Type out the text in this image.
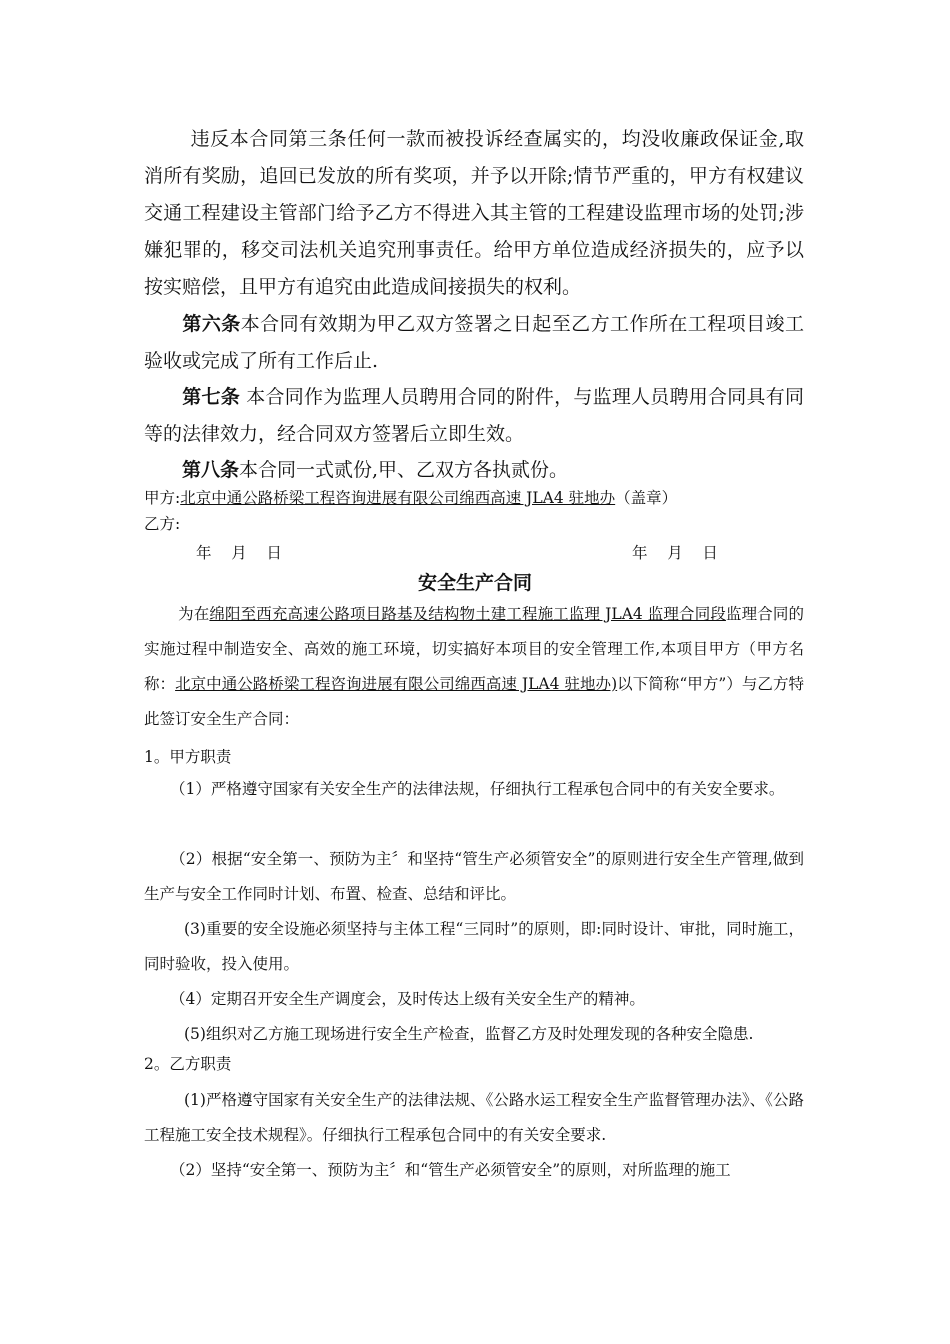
违反本合同第三条任何一款而被投诉经查属实的，均没收廉政保证金,取消所有奖励，追回已发放的所有奖项，并予以开除;情节严重的，甲方有权建议交通工程建设主管部门给予乙方不得进入其主管的工程建设监理市场的处罚;涉嫌犯罪的，移交司法机关追究刑事责任。给甲方单位造成经济损失的，应予以按实赔偿，且甲方有追究由此造成间接损失的权利。

第六条本合同有效期为甲乙双方签署之日起至乙方工作所在工程项目竣工验收或完成了所有工作后止.

第七条 本合同作为监理人员聘用合同的附件，与监理人员聘用合同具有同等的法律效力，经合同双方签署后立即生效。

第八条本合同一式贰份,甲、乙双方各执贰份。

甲方:北京中通公路桥梁工程咨询进展有限公司绵西高速 JLA4 驻地办（盖章）

乙方:

年    月    日	年    月    日

安全生产合同

为在绵阳至西充高速公路项目路基及结构物土建工程施工监理 JLA4 监理合同段监理合同的实施过程中制造安全、高效的施工环境，切实搞好本项目的安全管理工作,本项目甲方（甲方名称：北京中通公路桥梁工程咨询进展有限公司绵西高速 JLA4 驻地办)以下简称“甲方”）与乙方特此签订安全生产合同：

1。甲方职责

（1）严格遵守国家有关安全生产的法律法规，仔细执行工程承包合同中的有关安全要求。

（2）根据“安全第一、预防为主〞和坚持“管生产必须管安全”的原则进行安全生产管理,做到生产与安全工作同时计划、布置、检查、总结和评比。

(3)重要的安全设施必须坚持与主体工程“三同时”的原则，即:同时设计、审批，同时施工，同时验收，投入使用。

（4）定期召开安全生产调度会，及时传达上级有关安全生产的精神。

(5)组织对乙方施工现场进行安全生产检查，监督乙方及时处理发现的各种安全隐患.

2。乙方职责

(1)严格遵守国家有关安全生产的法律法规、《公路水运工程安全生产监督管理办法》、《公路工程施工安全技术规程》。仔细执行工程承包合同中的有关安全要求.

（2）坚持“安全第一、预防为主〞和“管生产必须管安全”的原则，对所监理的施工
